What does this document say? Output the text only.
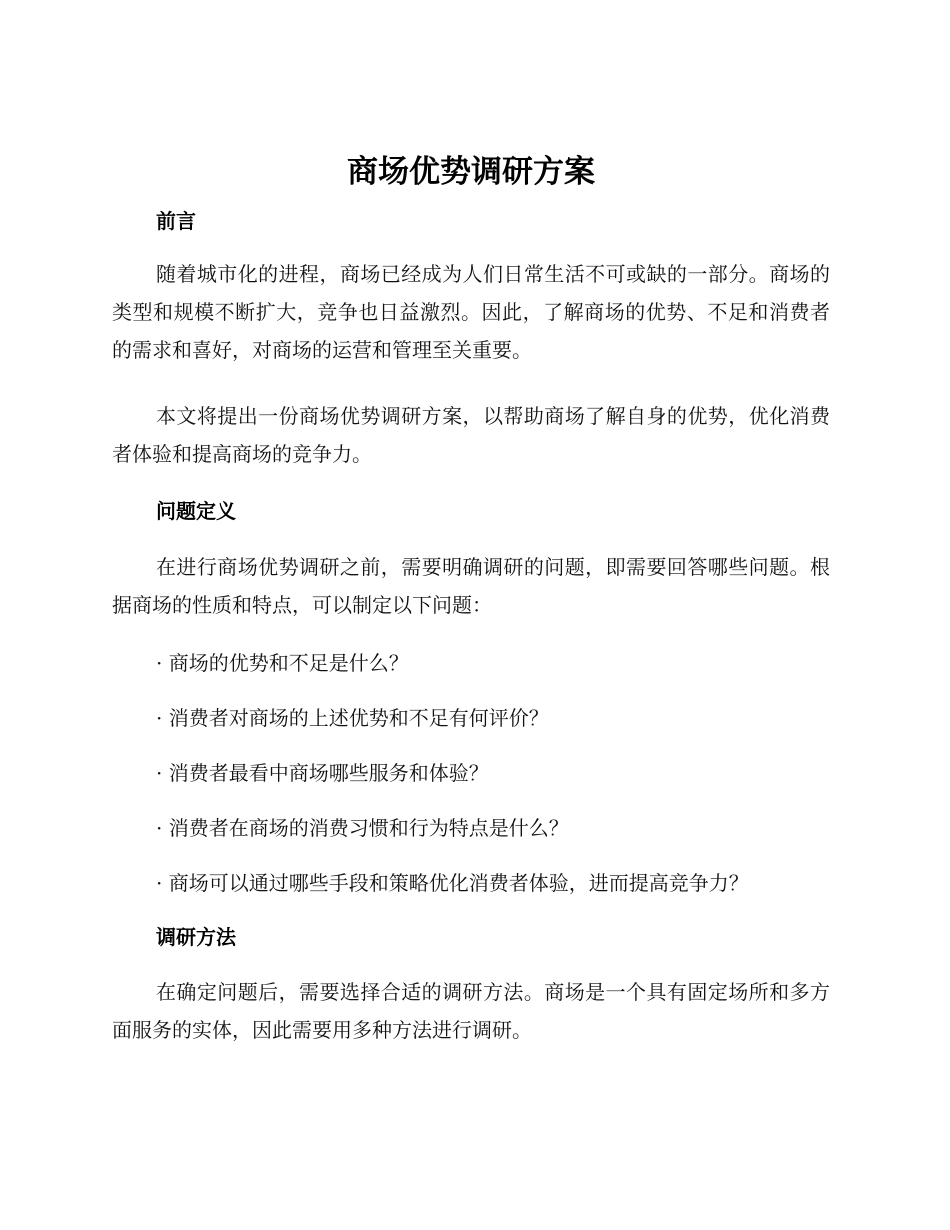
商场优势调研方案
前言

随着城市化的进程，商场已经成为人们日常生活不可或缺的一部分。商场的类型和规模不断扩大，竞争也日益激烈。因此，了解商场的优势、不足和消费者的需求和喜好，对商场的运营和管理至关重要。

本文将提出一份商场优势调研方案，以帮助商场了解自身的优势，优化消费者体验和提高商场的竞争力。

问题定义

在进行商场优势调研之前，需要明确调研的问题，即需要回答哪些问题。根据商场的性质和特点，可以制定以下问题：

· 商场的优势和不足是什么？

· 消费者对商场的上述优势和不足有何评价？

· 消费者最看中商场哪些服务和体验？

· 消费者在商场的消费习惯和行为特点是什么？

· 商场可以通过哪些手段和策略优化消费者体验，进而提高竞争力？

调研方法

在确定问题后，需要选择合适的调研方法。商场是一个具有固定场所和多方面服务的实体，因此需要用多种方法进行调研。
